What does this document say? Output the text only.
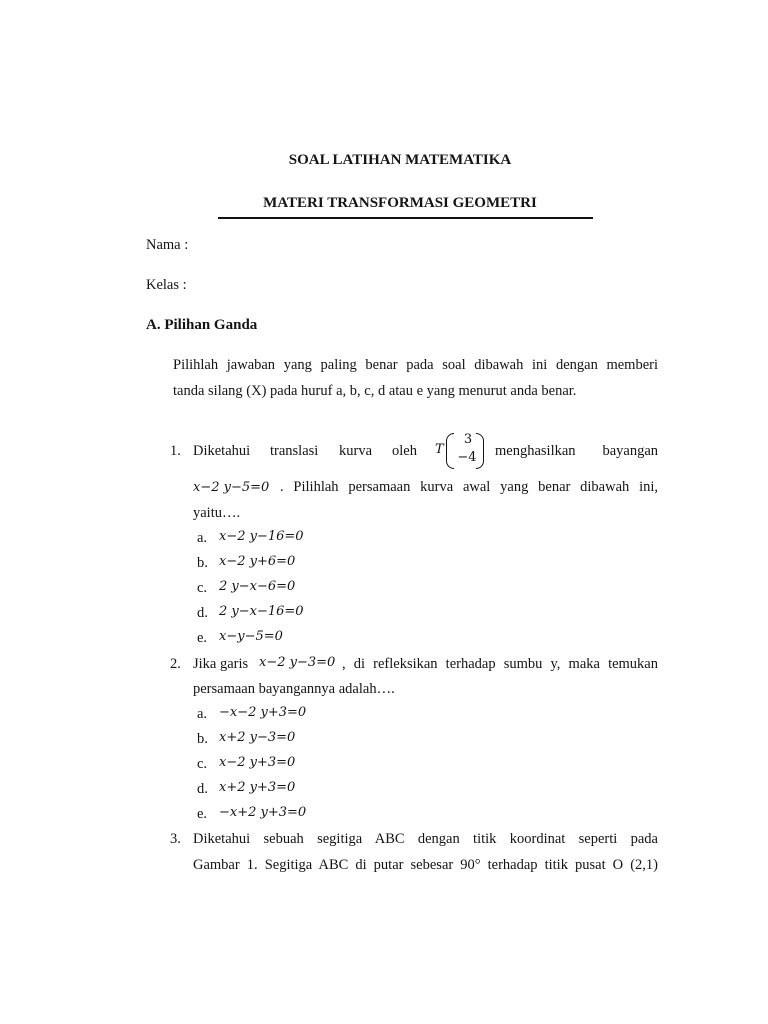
SOAL LATIHAN MATEMATIKA
MATERI TRANSFORMASI GEOMETRI
Nama :
Kelas :
A. Pilihan Ganda
Pilihlah jawaban yang paling benar pada soal dibawah ini dengan memberi
tanda silang (X) pada huruf a, b, c, d atau e yang menurut anda benar.
1. Diketahui translasi kurva oleh T
3
−4	menghasilkan bayangan
x−2 y−5=0 . Pilihlah persamaan kurva awal yang benar dibawah ini,
yaitu….
a. x−2 y−16=0
b. x−2 y+6=0
c. 2 y−x−6=0
d. 2 y−x−16=0
e. x−y−5=0
2. Jika garis x−2 y−3=0 , di refleksikan terhadap sumbu y, maka temukan
persamaan bayangannya adalah….
a. −x−2 y+3=0
b. x+2 y−3=0
c. x−2 y+3=0
d. x+2 y+3=0
e. −x+2 y+3=0
3. Diketahui sebuah segitiga ABC dengan titik koordinat seperti pada
Gambar 1. Segitiga ABC di putar sebesar 90° terhadap titik pusat O (2,1)
